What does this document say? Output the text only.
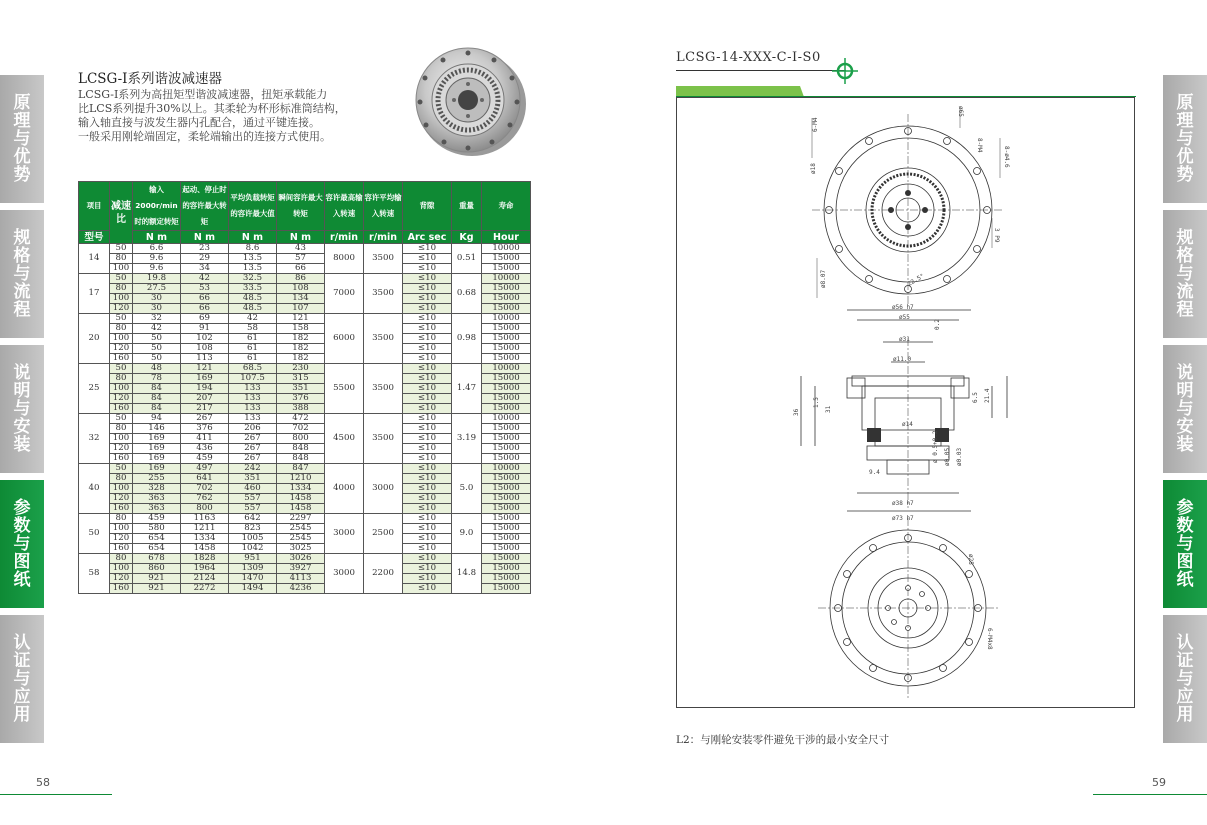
原理与优势
规格与流程
说明与安装
参数与图纸
认证与应用
原理与优势
规格与流程
说明与安装
参数与图纸
认证与应用
LCSG-I系列谐波减速器
LCSG-I系列为高扭矩型谐波减速器，扭矩承载能力
比LCS系列提升30%以上。其柔轮为杯形标准筒结构，
输入轴直接与波发生器内孔配合，通过平键连接。
一般采用刚轮端固定，柔轮端输出的连接方式使用。
项目	减速比	输入2000r/min时的额定转矩	起动、停止时的容许最大转矩	平均负载转矩的容许最大值	瞬间容许最大转矩	容许最高输入转速	容许平均输入转速	背隙	重量	寿命
型号		N m	N m	N m	N m	r/min	r/min	Arc sec	Kg	Hour
14	50	6.6	23	8.6	43	8000	3500	≤10	0.51	10000
	80	9.6	29	13.5	57			≤10		15000
	100	9.6	34	13.5	66			≤10		15000
17	50	19.8	42	32.5	86	7000	3500	≤10	0.68	10000
	80	27.5	53	33.5	108			≤10		15000
	100	30	66	48.5	134			≤10		15000
	120	30	66	48.5	107			≤10		15000
20	50	32	69	42	121	6000	3500	≤10	0.98	10000
	80	42	91	58	158			≤10		15000
	100	50	102	61	182			≤10		15000
	120	50	108	61	182			≤10		15000
	160	50	113	61	182			≤10		15000
25	50	48	121	68.5	230	5500	3500	≤10	1.47	10000
	80	78	169	107.5	315			≤10		15000
	100	84	194	133	351			≤10		15000
	120	84	207	133	376			≤10		15000
	160	84	217	133	388			≤10		15000
32	50	94	267	133	472	4500	3500	≤10	3.19	10000
	80	146	376	206	702			≤10		15000
	100	169	411	267	800			≤10		15000
	120	169	436	267	848			≤10		15000
	160	169	459	267	848			≤10		15000
40	50	169	497	242	847	4000	3000	≤10	5.0	10000
	80	255	641	351	1210			≤10		15000
	100	328	702	460	1334			≤10		15000
	120	363	762	557	1458			≤10		15000
	160	363	800	557	1458			≤10		15000
50	80	459	1163	642	2297	3000	2500	≤10	9.0	15000
	100	580	1211	823	2545			≤10		15000
	120	654	1334	1005	2545			≤10		15000
	160	654	1458	1042	3025			≤10		15000
58	80	678	1828	951	3026	3000	2200	≤10	14.8	15000
	100	860	1964	1309	3927			≤10		15000
	120	921	2124	1470	4113			≤10		15000
	160	921	2272	1494	4236			≤10		15000
58
LCSG-14-XXX-C-I-S0
6-M4
8-M4
8-ø4.6
ø65
ø18
ø8.07	22.5°
3 P9
ø56 h7
ø55
ø31
ø11.0
0.2
1.5
31
36
6.5 21.4
ø14
ø38 h7
ø73 h7
9.4
ø 0.5+0.2 ø0.05 ø0.03
ø25
6-M4x8
L2：与刚轮安装零件避免干涉的最小安全尺寸
59
